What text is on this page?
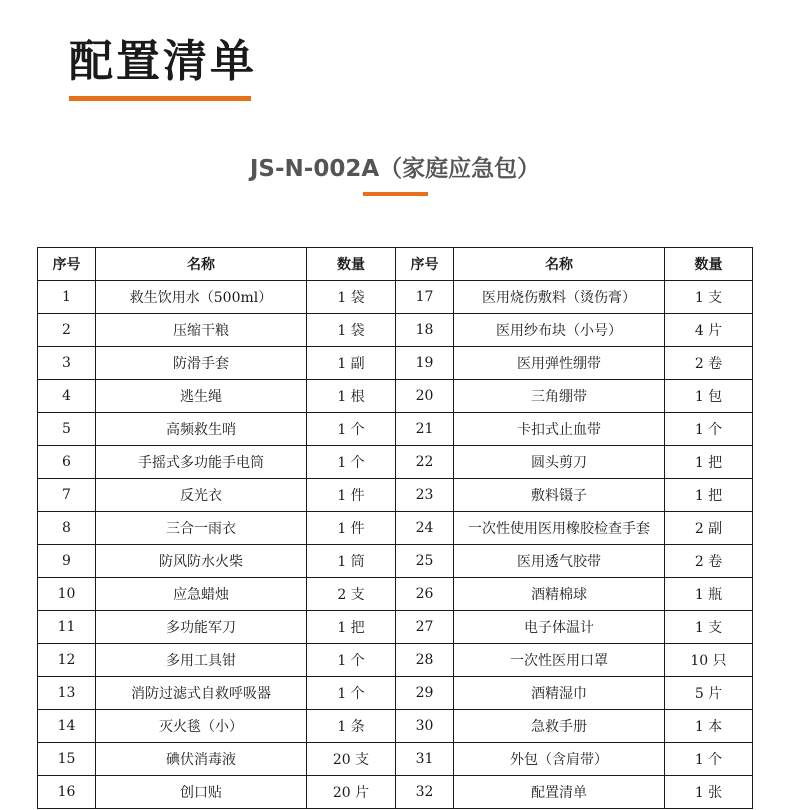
配置清单
JS-N-002A（家庭应急包）
序号	名称	数量	序号	名称	数量
1	救生饮用水（500ml）	1 袋	17	医用烧伤敷料（烫伤膏）	1 支
2	压缩干粮	1 袋	18	医用纱布块（小号）	4 片
3	防滑手套	1 副	19	医用弹性绷带	2 卷
4	逃生绳	1 根	20	三角绷带	1 包
5	高频救生哨	1 个	21	卡扣式止血带	1 个
6	手摇式多功能手电筒	1 个	22	圆头剪刀	1 把
7	反光衣	1 件	23	敷料镊子	1 把
8	三合一雨衣	1 件	24	一次性使用医用橡胶检查手套	2 副
9	防风防水火柴	1 筒	25	医用透气胶带	2 卷
10	应急蜡烛	2 支	26	酒精棉球	1 瓶
11	多功能军刀	1 把	27	电子体温计	1 支
12	多用工具钳	1 个	28	一次性医用口罩	10 只
13	消防过滤式自救呼吸器	1 个	29	酒精湿巾	5 片
14	灭火毯（小）	1 条	30	急救手册	1 本
15	碘伏消毒液	20 支	31	外包（含肩带）	1 个
16	创口贴	20 片	32	配置清单	1 张
